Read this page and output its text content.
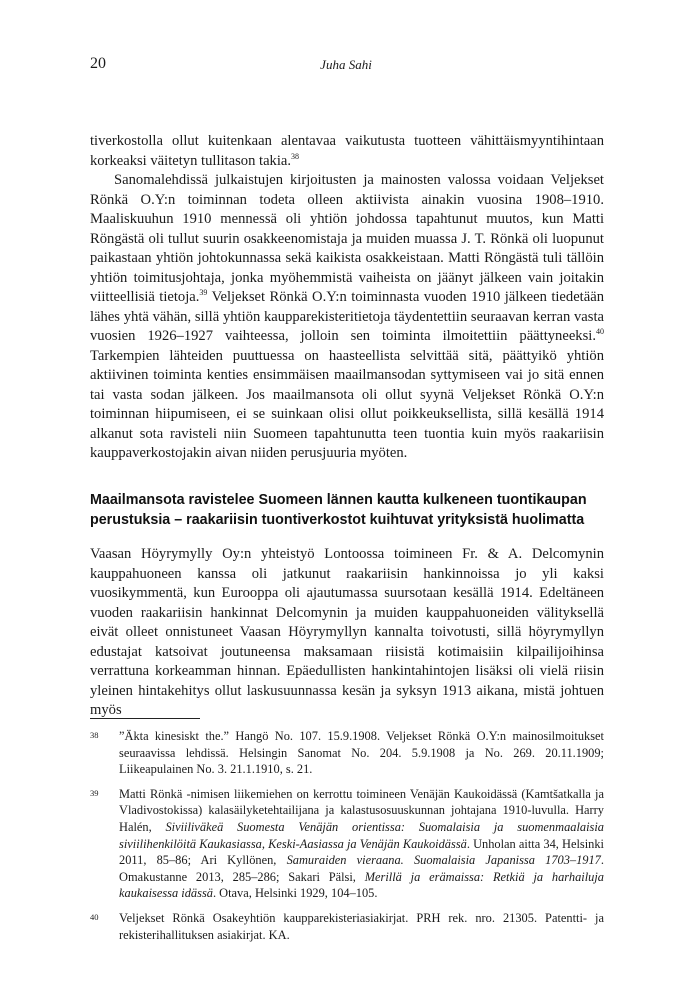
20	Juha Sahi

tiverkostolla ollut kuitenkaan alentavaa vaikutusta tuotteen vähittäismyyntihintaan korkeaksi väitetyn tullitason takia.$^{38}$

Sanomalehdissä julkaistujen kirjoitusten ja mainosten valossa voidaan Veljekset Rönkä O.Y:n toiminnan todeta olleen aktiivista ainakin vuosina 1908–1910. Maaliskuuhun 1910 mennessä oli yhtiön johdossa tapahtunut muutos, kun Matti Röngästä oli tullut suurin osakkeenomistaja ja muiden muassa J. T. Rönkä oli luopunut paikastaan yhtiön johtokunnassa sekä kaikista osakkeistaan. Matti Röngästä tuli tällöin yhtiön toimitusjohtaja, jonka myöhemmistä vaiheista on jäänyt jälkeen vain joitakin viitteellisiä tietoja.$^{39}$ Veljekset Rönkä O.Y:n toiminnasta vuoden 1910 jälkeen tiedetään lähes yhtä vähän, sillä yhtiön kaupparekisteritietoja täydentettiin seuraavan kerran vasta vuosien 1926–1927 vaihteessa, jolloin sen toiminta ilmoitettiin päättyneeksi.$^{40}$ Tarkempien lähteiden puuttuessa on haasteellista selvittää sitä, päättyikö yhtiön aktiivinen toiminta kenties ensimmäisen maailmansodan syttymiseen vai jo sitä ennen tai vasta sodan jälkeen. Jos maailmansota oli ollut syynä Veljekset Rönkä O.Y:n toiminnan hiipumiseen, ei se suinkaan olisi ollut poikkeuksellista, sillä kesällä 1914 alkanut sota ravisteli niin Suomeen tapahtunutta teen tuontia kuin myös raakariisin kauppaverkostojakin aivan niiden perusjuuria myöten.

Maailmansota ravistelee Suomeen lännen kautta kulkeneen tuontikaupan perustuksia – raakariisin tuontiverkostot kuihtuvat yrityksistä huolimatta
Vaasan Höyrymylly Oy:n yhteistyö Lontoossa toimineen Fr. & A. Delcomynin kauppahuoneen kanssa oli jatkunut raakariisin hankinnoissa jo yli kaksi vuosikymmentä, kun Eurooppa oli ajautumassa suursotaan kesällä 1914. Edeltäneen vuoden raakariisin hankinnat Delcomynin ja muiden kauppahuoneiden välityksellä eivät olleet onnistuneet Vaasan Höyrymyllyn kannalta toivotusti, sillä höyrymyllyn edustajat katsoivat joutuneensa maksamaan riisistä kotimaisiin kilpailijoihinsa verrattuna korkeamman hinnan. Epäedullisten hankintahintojen lisäksi oli vielä riisin yleinen hintakehitys ollut laskusuunnassa kesän ja syksyn 1913 aikana, mistä johtuen myös
38 ”Äkta kinesiskt the.” Hangö No. 107. 15.9.1908. Veljekset Rönkä O.Y:n mainosilmoitukset seuraavissa lehdissä. Helsingin Sanomat No. 204. 5.9.1908 ja No. 269. 20.11.1909; Liikeapulainen No. 3. 21.1.1910, s. 21.
39 Matti Rönkä -nimisen liikemiehen on kerrottu toimineen Venäjän Kaukoidässä (Kamtšatkalla ja Vladivostokissa) kalasäilyketehtailijana ja kalastusosuuskunnan johtajana 1910-luvulla. Harry Halén, Siviiliväkeä Suomesta Venäjän orientissa: Suomalaisia ja suomenmaalaisia siviilihenkilöitä Kaukasiassa, Keski-Aasiassa ja Venäjän Kaukoidässä. Unholan aitta 34, Helsinki 2011, 85–86; Ari Kyllönen, Samuraiden vieraana. Suomalaisia Japanissa 1703–1917. Omakustanne 2013, 285–286; Sakari Pälsi, Merillä ja erämaissa: Retkiä ja harhailuja kaukaisessa idässä. Otava, Helsinki 1929, 104–105.
40 Veljekset Rönkä Osakeyhtiön kaupparekisteriasiakirjat. PRH rek. nro. 21305. Patentti- ja rekisterihallituksen asiakirjat. KA.
